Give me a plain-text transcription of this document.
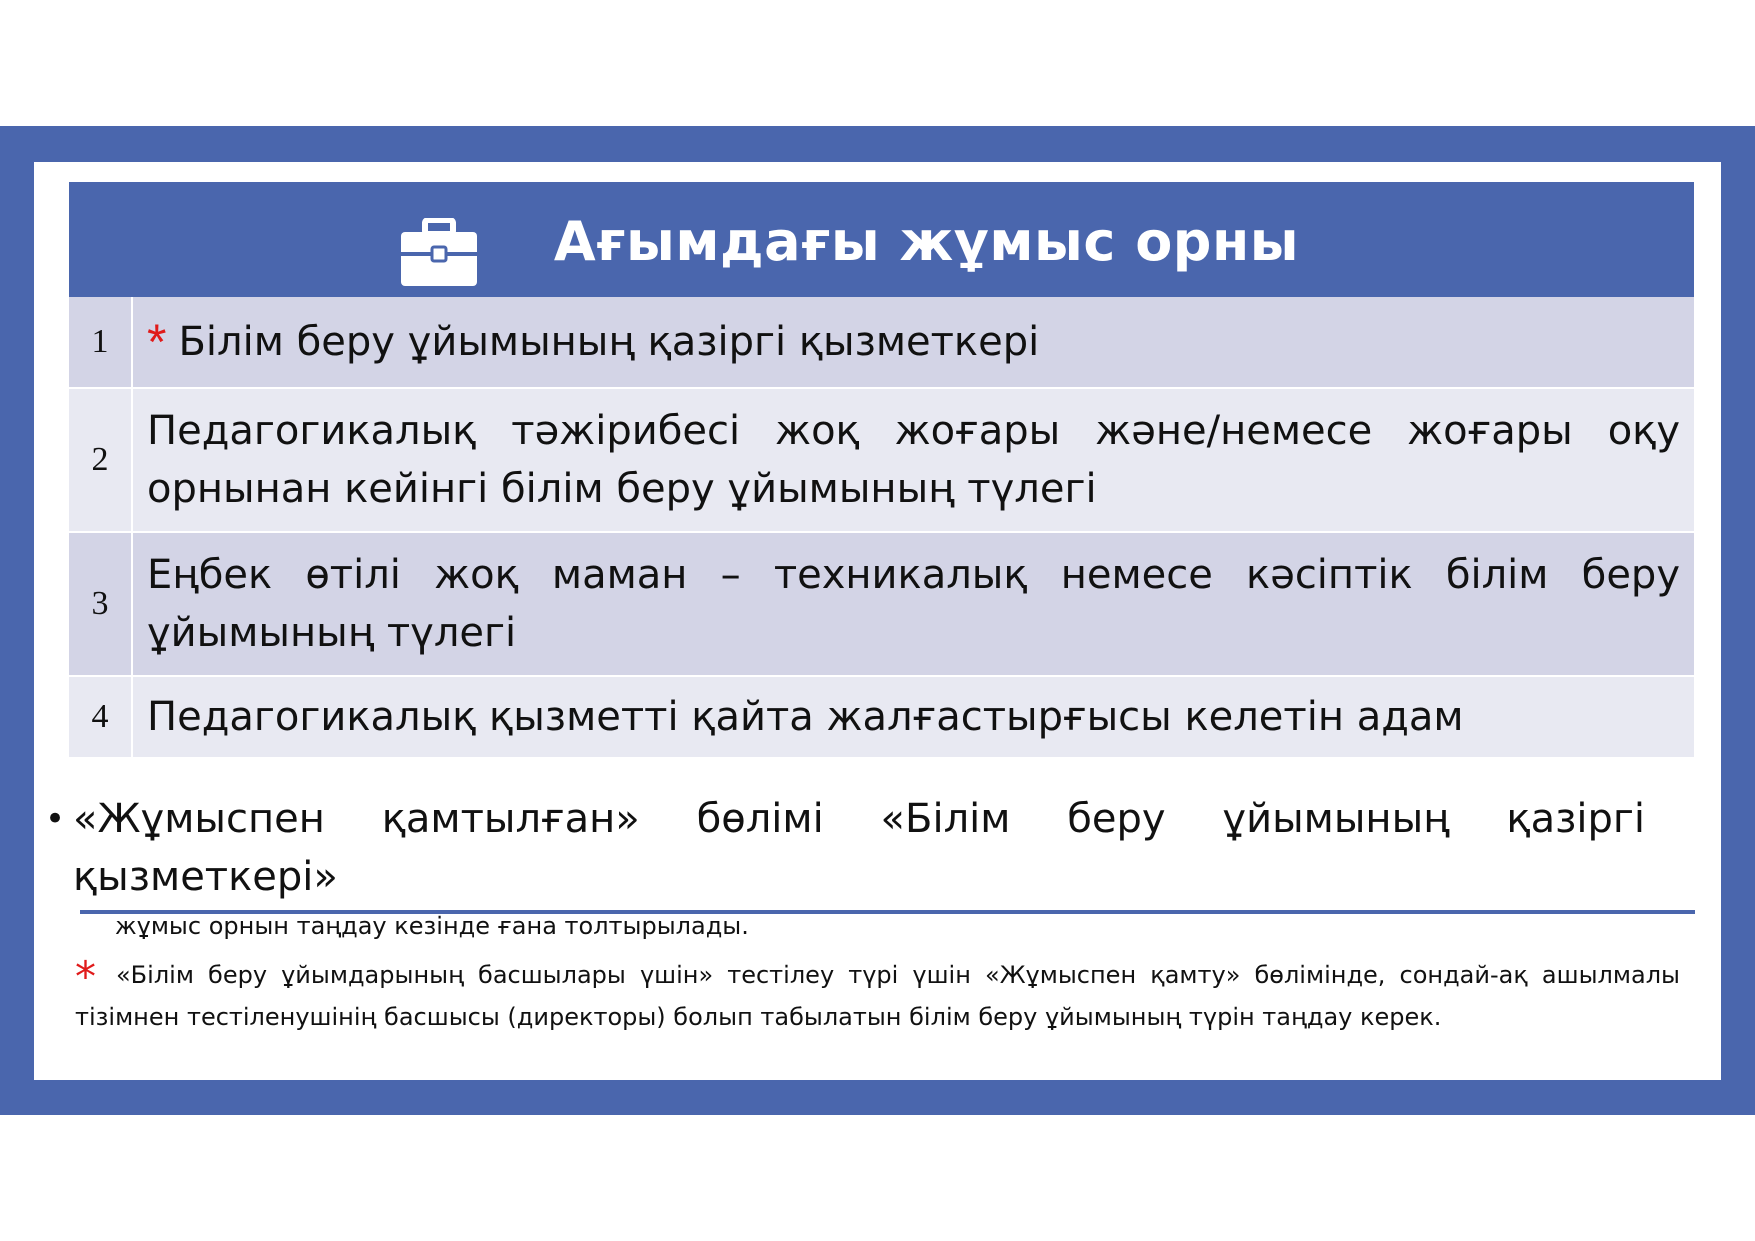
Ағымдағы жұмыс орны
1 * Білім беру ұйымының қазіргі қызметкері
2
Педагогикалық тәжірибесі жоқ жоғары және/немесе жоғары оқу орнынан кейінгі білім беру ұйымының түлегі
3
Еңбек өтілі жоқ маман – техникалық немесе кәсіптік білім беру ұйымының түлегі
4 Педагогикалық қызметті қайта жалғастырғысы келетін адам
• «Жұмыспен қамтылған» бөлімі «Білім беру ұйымының қазіргі қызметкері»
жұмыс орнын таңдау кезінде ғана толтырылады.
* «Білім беру ұйымдарының басшылары үшін» тестілеу түрі үшін «Жұмыспен қамту» бөлімінде, сондай-ақ ашылмалы тізімнен тестіленушінің басшысы (директоры) болып табылатын білім беру ұйымының түрін таңдау керек.
